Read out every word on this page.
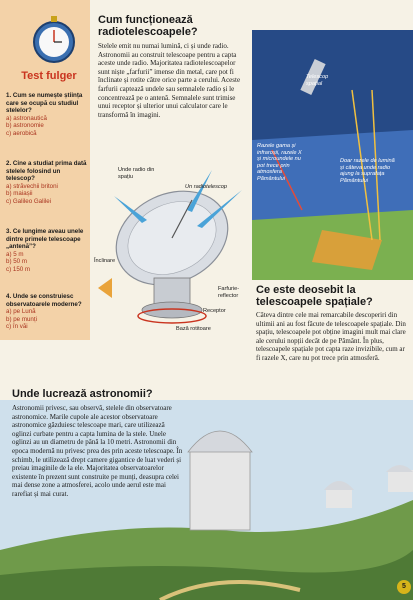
Test fulger
1. Cum se numește știința care se ocupă cu studiul stelelor?
a) astronautică
b) astronomie
c) aerobică
2. Cine a studiat prima dată stelele folosind un telescop?
a) străvechii britoni
b) maiașii
c) Galileo Galilei
3. Ce lungime aveau unele dintre primele telescoape „antenă”?
a) 5 m
b) 50 m
c) 150 m
4. Unde se construiesc observatoarele moderne?
a) pe Lună
b) pe munți
c) în văi
Cum funcționează radiotelescoapele?
Stelele emit nu numai lumină, ci și unde radio. Astronomii au construit telescoape pentru a capta aceste unde radio. Majoritatea radiotelescoapelor sunt niște „farfurii” imense din metal, care pot fi înclinate și rotite către orice parte a cerului. Aceste farfurii captează undele sau semnalele radio și le concentrează pe o antenă. Semnalele sunt trimise unui receptor și ulterior unui calculator care le transformă în imagini.
Unde radio din spațiu
Un radiotelescop
Înclinare
Farfurie-reflector
Receptor
Bază rotitoare
Telescop spațial
Razele gama și infraroșii, razele X și microundele nu pot trece prin atmosfera Pământului
Doar razele de lumină și câteva unde radio ajung la suprafața Pământului
Ce este deosebit la telescoapele spațiale?
Câteva dintre cele mai remarcabile descoperiri din ultimii ani au fost făcute de telescoapele spațiale. Din spațiu, telescoapele pot obține imagini mult mai clare ale cerului nopții decât de pe Pământ. În plus, telescoapele spațiale pot capta raze invizibile, cum ar fi razele X, care nu pot trece prin atmosferă.
Unde lucrează astronomii?
Astronomii privesc, sau observă, stelele din observatoare astronomice. Marile cupole ale acestor observatoare astronomice găzduiesc telescoape mari, care utilizează oglinzi curbate pentru a capta lumina de la stele. Unele oglinzi au un diametru de până la 10 metri. Astronomii din epoca modernă nu privesc prea des prin aceste telescoape. În schimb, le utilizează drept camere gigantice de luat vederi și preiau imaginile de la ele. Majoritatea observatoarelor existente în prezent sunt construite pe munți, deasupra celei mai dense zone a atmosferei, acolo unde aerul este mai rarefiat și mai curat.
5
